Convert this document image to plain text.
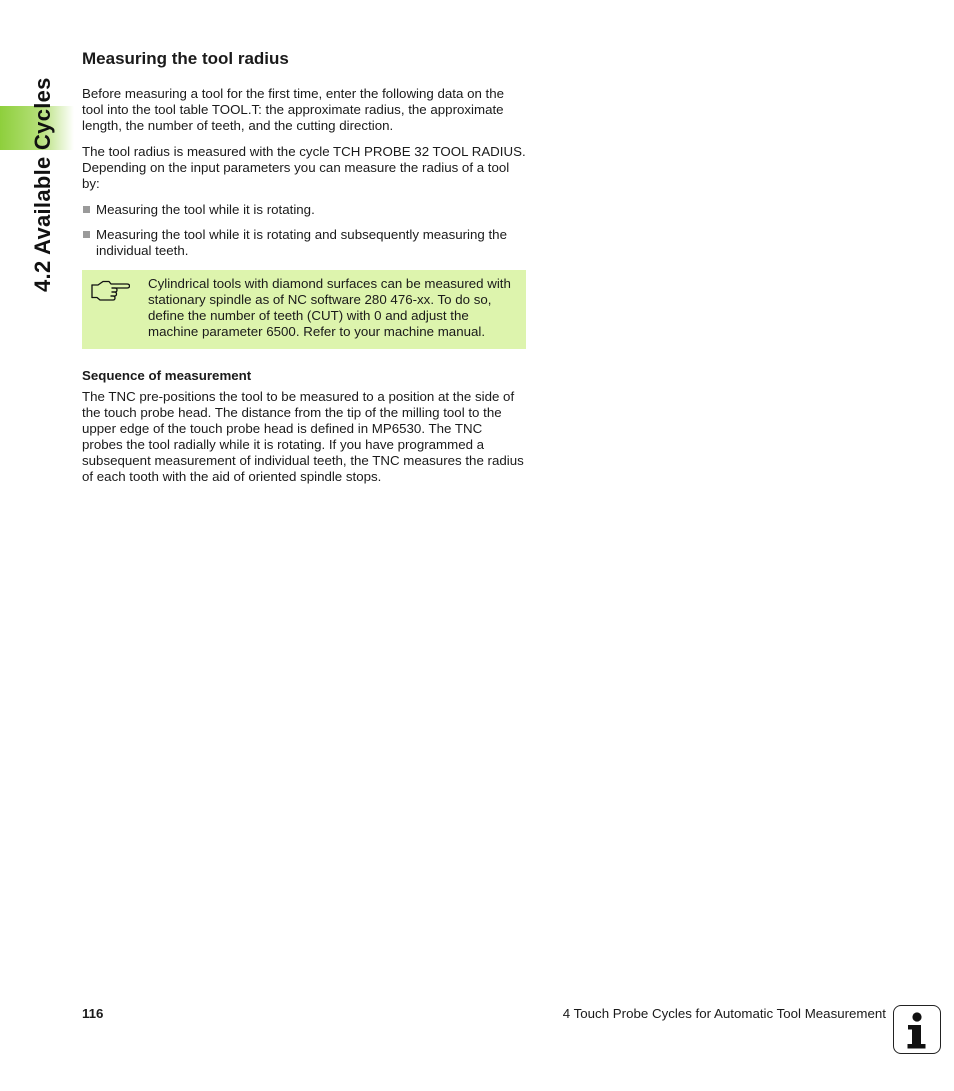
4.2 Available Cycles
Measuring the tool radius

Before measuring a tool for the first time, enter the following data on the tool into the tool table TOOL.T: the approximate radius, the approximate length, the number of teeth, and the cutting direction.

The tool radius is measured with the cycle TCH PROBE 32 TOOL RADIUS. Depending on the input parameters you can measure the radius of a tool by:

Measuring the tool while it is rotating.
Measuring the tool while it is rotating and subsequently measuring the individual teeth.
Cylindrical tools with diamond surfaces can be measured with stationary spindle as of NC software 280 476-xx. To do so, define the number of teeth (CUT) with 0 and adjust the machine parameter 6500. Refer to your machine manual.
Sequence of measurement

The TNC pre-positions the tool to be measured to a position at the side of the touch probe head. The distance from the tip of the milling tool to the upper edge of the touch probe head is defined in MP6530. The TNC probes the tool radially while it is rotating. If you have programmed a subsequent measurement of individual teeth, the TNC measures the radius of each tooth with the aid of oriented spindle stops.

116	4 Touch Probe Cycles for Automatic Tool Measurement
